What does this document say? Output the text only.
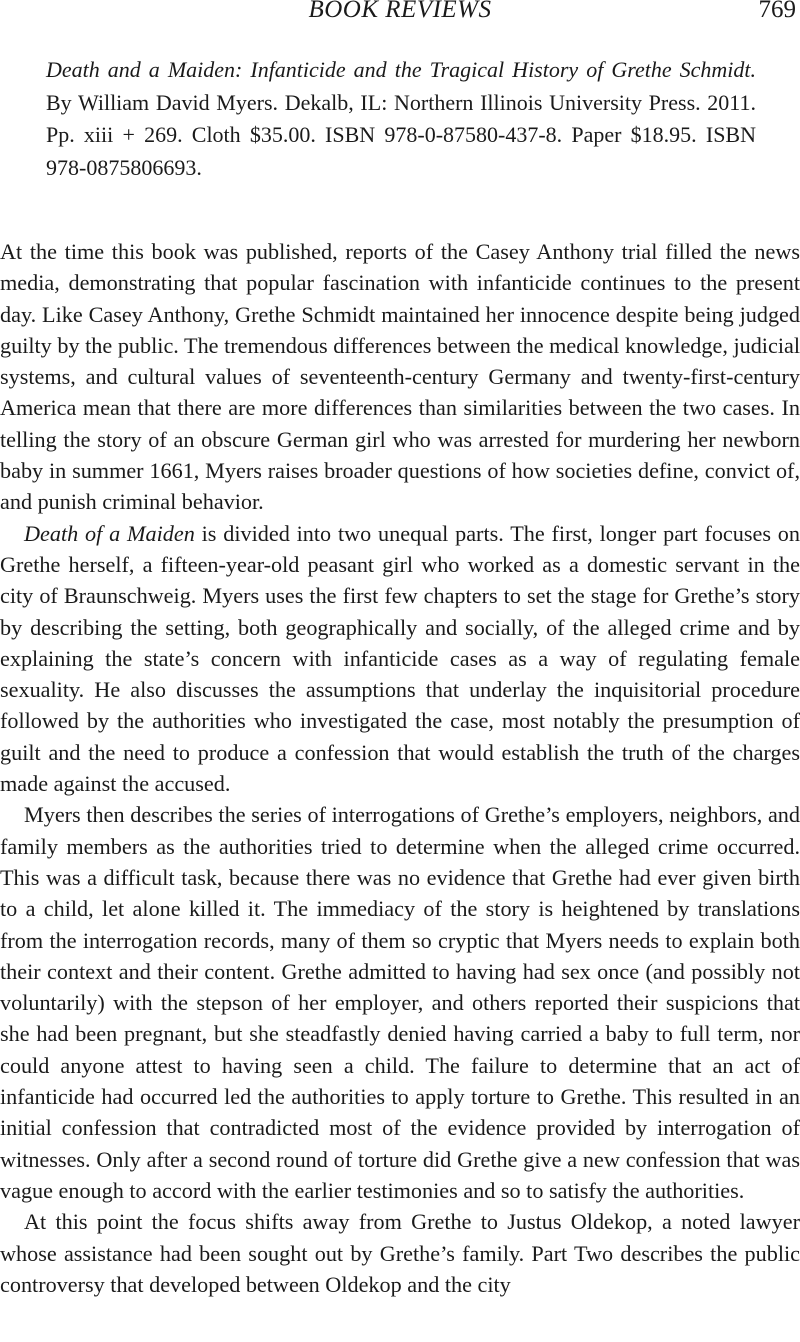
BOOK REVIEWS	769
Death and a Maiden: Infanticide and the Tragical History of Grethe Schmidt. By William David Myers. Dekalb, IL: Northern Illinois University Press. 2011. Pp. xiii + 269. Cloth $35.00. ISBN 978-0-87580-437-8. Paper $18.95. ISBN 978-0875806693.

At the time this book was published, reports of the Casey Anthony trial filled the news media, demonstrating that popular fascination with infanticide continues to the present day. Like Casey Anthony, Grethe Schmidt maintained her innocence despite being judged guilty by the public. The tremendous differences between the medical knowledge, judicial systems, and cultural values of seventeenth-century Germany and twenty-first-century America mean that there are more differences than similarities between the two cases. In telling the story of an obscure German girl who was arrested for murdering her newborn baby in summer 1661, Myers raises broader questions of how societies define, convict of, and punish criminal behavior.

Death of a Maiden is divided into two unequal parts. The first, longer part focuses on Grethe herself, a fifteen-year-old peasant girl who worked as a domestic servant in the city of Braunschweig. Myers uses the first few chapters to set the stage for Grethe’s story by describing the setting, both geographically and socially, of the alleged crime and by explaining the state’s concern with infanticide cases as a way of regulating female sexuality. He also discusses the assumptions that underlay the inquisitorial procedure followed by the authorities who investigated the case, most notably the presumption of guilt and the need to produce a confession that would establish the truth of the charges made against the accused.

Myers then describes the series of interrogations of Grethe’s employers, neighbors, and family members as the authorities tried to determine when the alleged crime occurred. This was a difficult task, because there was no evidence that Grethe had ever given birth to a child, let alone killed it. The immediacy of the story is heightened by translations from the interrogation records, many of them so cryptic that Myers needs to explain both their context and their content. Grethe admitted to having had sex once (and possibly not voluntarily) with the stepson of her employer, and others reported their suspicions that she had been pregnant, but she steadfastly denied having carried a baby to full term, nor could anyone attest to having seen a child. The failure to determine that an act of infanticide had occurred led the authorities to apply torture to Grethe. This resulted in an initial confession that contradicted most of the evidence provided by interrogation of witnesses. Only after a second round of torture did Grethe give a new confession that was vague enough to accord with the earlier testimonies and so to satisfy the authorities.

At this point the focus shifts away from Grethe to Justus Oldekop, a noted lawyer whose assistance had been sought out by Grethe’s family. Part Two describes the public controversy that developed between Oldekop and the city
